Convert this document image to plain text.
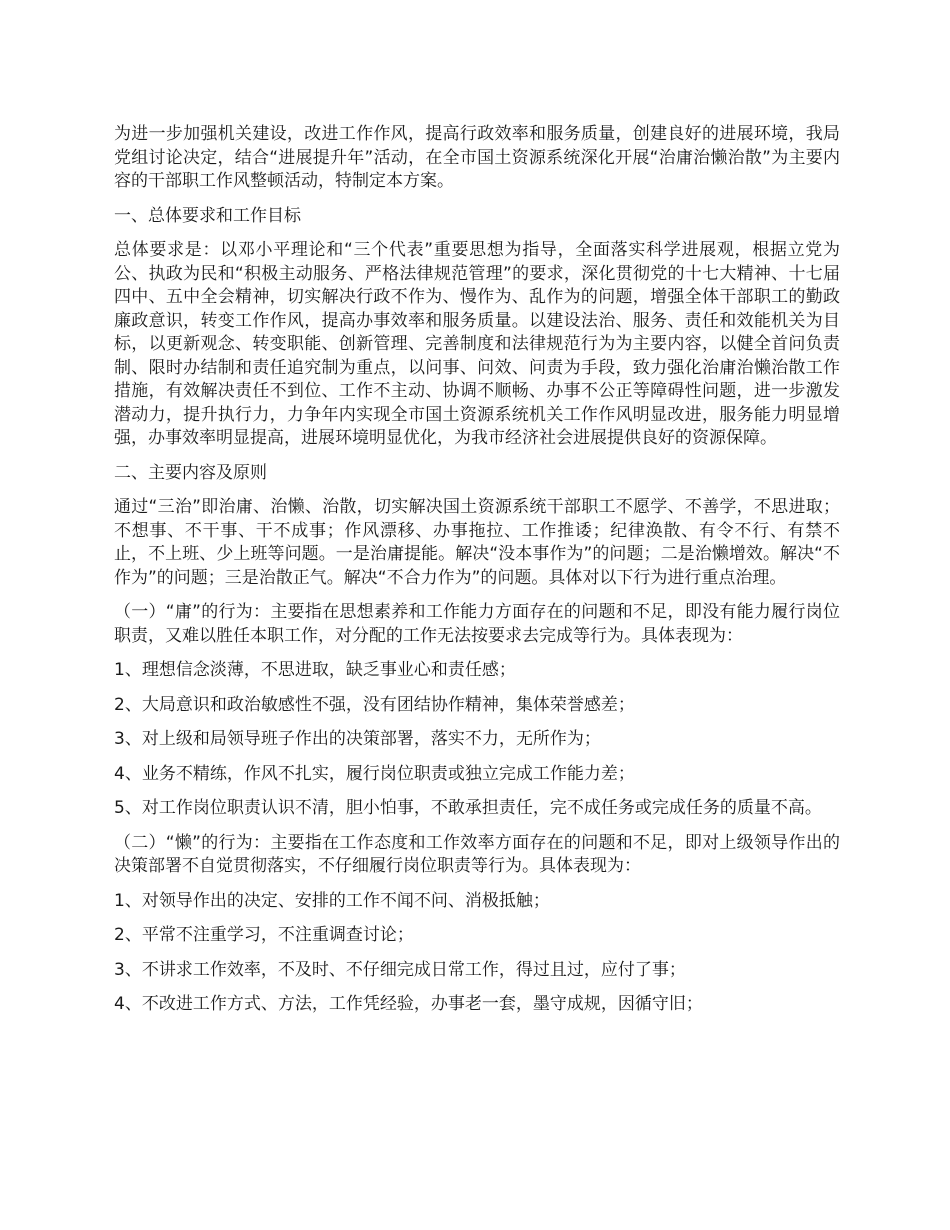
为进一步加强机关建设，改进工作作风，提高行政效率和服务质量，创建良好的进展环境，我局党组讨论决定，结合“进展提升年”活动，在全市国土资源系统深化开展“治庸治懒治散”为主要内容的干部职工作风整顿活动，特制定本方案。

一、总体要求和工作目标

总体要求是：以邓小平理论和“三个代表”重要思想为指导，全面落实科学进展观，根据立党为公、执政为民和“积极主动服务、严格法律规范管理”的要求，深化贯彻党的十七大精神、十七届四中、五中全会精神，切实解决行政不作为、慢作为、乱作为的问题，增强全体干部职工的勤政廉政意识，转变工作作风，提高办事效率和服务质量。以建设法治、服务、责任和效能机关为目标，以更新观念、转变职能、创新管理、完善制度和法律规范行为为主要内容，以健全首问负责制、限时办结制和责任追究制为重点，以问事、问效、问责为手段，致力强化治庸治懒治散工作措施，有效解决责任不到位、工作不主动、协调不顺畅、办事不公正等障碍性问题，进一步激发潜动力，提升执行力，力争年内实现全市国土资源系统机关工作作风明显改进，服务能力明显增强，办事效率明显提高，进展环境明显优化，为我市经济社会进展提供良好的资源保障。

二、主要内容及原则

通过“三治”即治庸、治懒、治散，切实解决国土资源系统干部职工不愿学、不善学，不思进取；不想事、不干事、干不成事；作风漂移、办事拖拉、工作推诿；纪律涣散、有令不行、有禁不止，不上班、少上班等问题。一是治庸提能。解决“没本事作为”的问题；二是治懒增效。解决“不作为”的问题；三是治散正气。解决“不合力作为”的问题。具体对以下行为进行重点治理。

（一）“庸”的行为：主要指在思想素养和工作能力方面存在的问题和不足，即没有能力履行岗位职责，又难以胜任本职工作，对分配的工作无法按要求去完成等行为。具体表现为：

1、理想信念淡薄，不思进取，缺乏事业心和责任感；

2、大局意识和政治敏感性不强，没有团结协作精神，集体荣誉感差；

3、对上级和局领导班子作出的决策部署，落实不力，无所作为；

4、业务不精练，作风不扎实，履行岗位职责或独立完成工作能力差；

5、对工作岗位职责认识不清，胆小怕事，不敢承担责任，完不成任务或完成任务的质量不高。

（二）“懒”的行为：主要指在工作态度和工作效率方面存在的问题和不足，即对上级领导作出的决策部署不自觉贯彻落实，不仔细履行岗位职责等行为。具体表现为：

1、对领导作出的决定、安排的工作不闻不问、消极抵触；

2、平常不注重学习，不注重调查讨论；

3、不讲求工作效率，不及时、不仔细完成日常工作，得过且过，应付了事；

4、不改进工作方式、方法，工作凭经验，办事老一套，墨守成规，因循守旧；
